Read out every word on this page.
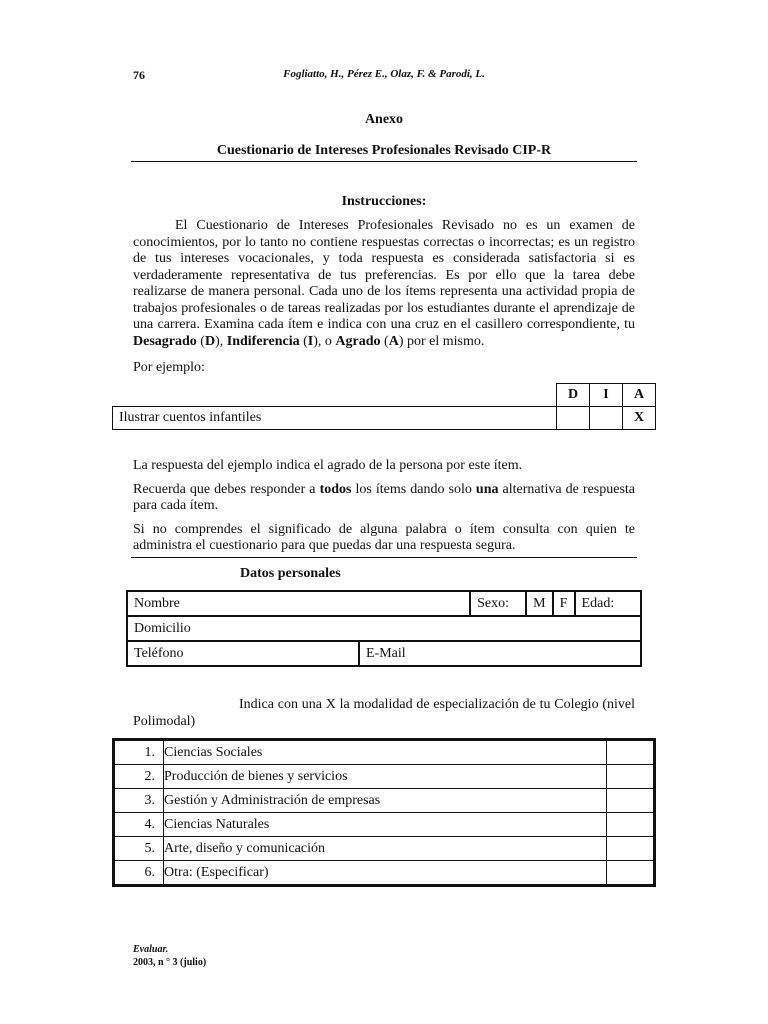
76	Fogliatto, H., Pérez E., Olaz, F. & Parodi, L.
Anexo
Cuestionario de Intereses Profesionales Revisado CIP-R
Instrucciones:
El Cuestionario de Intereses Profesionales Revisado no es un examen de conocimientos, por lo tanto no contiene respuestas correctas o incorrectas; es un registro de tus intereses vocacionales, y toda respuesta es considerada satisfactoria si es verdaderamente representativa de tus preferencias. Es por ello que la tarea debe realizarse de manera personal. Cada uno de los ítems representa una actividad propia de trabajos profesionales o de tareas realizadas por los estudiantes durante el aprendizaje de una carrera. Examina cada ítem e indica con una cruz en el casillero correspondiente, tu Desagrado (D), Indiferencia (I), o Agrado (A) por el mismo.
Por ejemplo:
	D	I	A
Ilustrar cuentos infantiles			X
La respuesta del ejemplo indica el agrado de la persona por este ítem.
Recuerda que debes responder a todos los ítems dando solo una alternativa de respuesta para cada ítem.
Si no comprendes el significado de alguna palabra o ítem consulta con quien te administra el cuestionario para que puedas dar una respuesta segura.
Datos personales
Nombre		Sexo:	M	F	Edad:
Domicilio					
Teléfono	E-Mail				
Indica con una X la modalidad de especialización de tu Colegio (nivel Polimodal)
1.	Ciencias Sociales	
2.	Producción de bienes y servicios	
3.	Gestión y Administración de empresas	
4.	Ciencias Naturales	
5.	Arte, diseño y comunicación	
6.	Otra: (Especificar)	
Evaluar.
2003, n ° 3 (julio)
